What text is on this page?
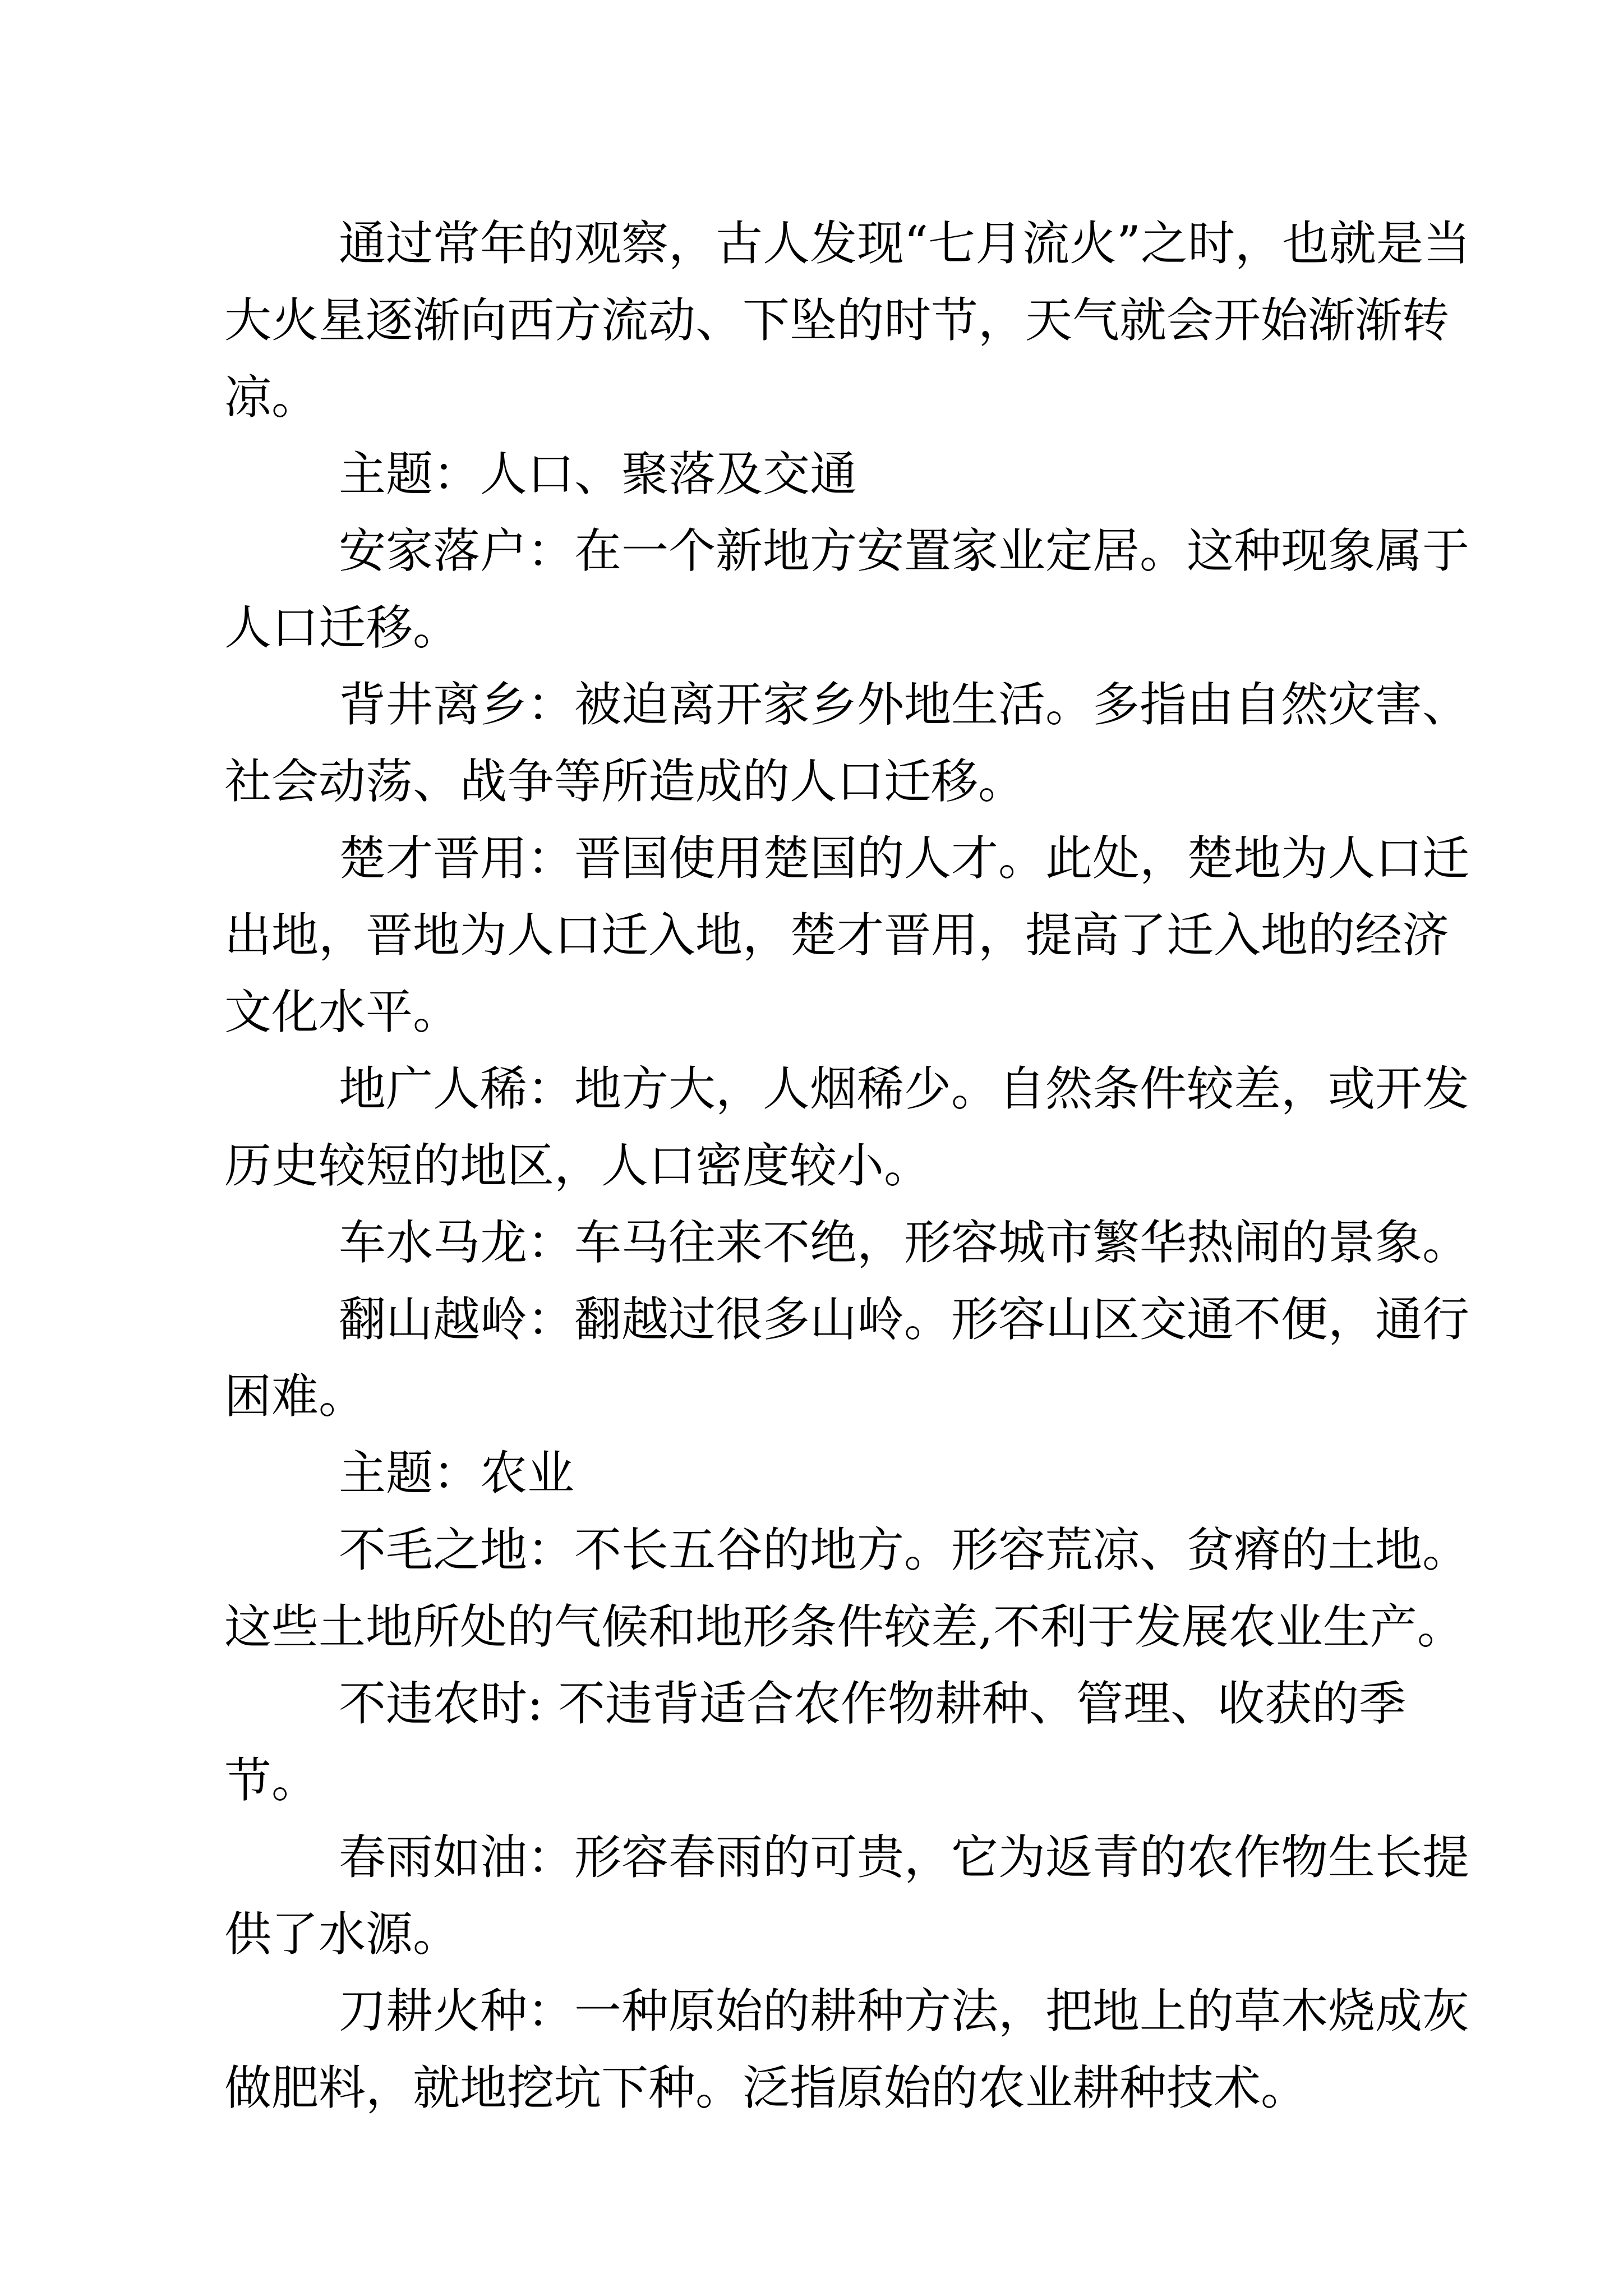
通过常年的观察，古人发现“七月流火”之时，也就是当大火星逐渐向西方流动、下坠的时节，天气就会开始渐渐转凉。

主题：人口、聚落及交通

安家落户：在一个新地方安置家业定居。这种现象属于人口迁移。

背井离乡：被迫离开家乡外地生活。多指由自然灾害、社会动荡、战争等所造成的人口迁移。

楚才晋用：晋国使用楚国的人才。此处，楚地为人口迁出地，晋地为人口迁入地，楚才晋用，提高了迁入地的经济文化水平。

地广人稀：地方大，人烟稀少。自然条件较差，或开发历史较短的地区，人口密度较小。

车水马龙：车马往来不绝，形容城市繁华热闹的景象。

翻山越岭：翻越过很多山岭。形容山区交通不便，通行困难。

主题：农业

不毛之地：不长五谷的地方。形容荒凉、贫瘠的土地。这些土地所处的气候和地形条件较差,不利于发展农业生产。

不违农时: 不违背适合农作物耕种、管理、收获的季节。

春雨如油：形容春雨的可贵，它为返青的农作物生长提供了水源。

刀耕火种：一种原始的耕种方法，把地上的草木烧成灰做肥料，就地挖坑下种。泛指原始的农业耕种技术。
